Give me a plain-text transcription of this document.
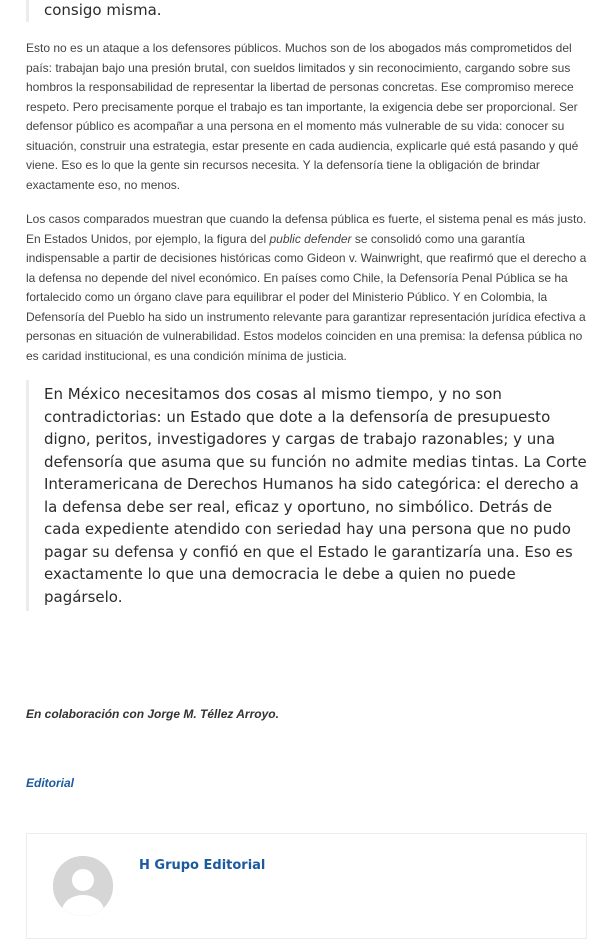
consigo misma.

Esto no es un ataque a los defensores públicos. Muchos son de los abogados más comprometidos del país: trabajan bajo una presión brutal, con sueldos limitados y sin reconocimiento, cargando sobre sus hombros la responsabilidad de representar la libertad de personas concretas. Ese compromiso merece respeto. Pero precisamente porque el trabajo es tan importante, la exigencia debe ser proporcional. Ser defensor público es acompañar a una persona en el momento más vulnerable de su vida: conocer su situación, construir una estrategia, estar presente en cada audiencia, explicarle qué está pasando y qué viene. Eso es lo que la gente sin recursos necesita. Y la defensoría tiene la obligación de brindar exactamente eso, no menos.

Los casos comparados muestran que cuando la defensa pública es fuerte, el sistema penal es más justo. En Estados Unidos, por ejemplo, la figura del public defender se consolidó como una garantía indispensable a partir de decisiones históricas como Gideon v. Wainwright, que reafirmó que el derecho a la defensa no depende del nivel económico. En países como Chile, la Defensoría Penal Pública se ha fortalecido como un órgano clave para equilibrar el poder del Ministerio Público. Y en Colombia, la Defensoría del Pueblo ha sido un instrumento relevante para garantizar representación jurídica efectiva a personas en situación de vulnerabilidad. Estos modelos coinciden en una premisa: la defensa pública no es caridad institucional, es una condición mínima de justicia.

En México necesitamos dos cosas al mismo tiempo, y no son contradictorias: un Estado que dote a la defensoría de presupuesto digno, peritos, investigadores y cargas de trabajo razonables; y una defensoría que asuma que su función no admite medias tintas. La Corte Interamericana de Derechos Humanos ha sido categórica: el derecho a la defensa debe ser real, eficaz y oportuno, no simbólico. Detrás de cada expediente atendido con seriedad hay una persona que no pudo pagar su defensa y confió en que el Estado le garantizaría una. Eso es exactamente lo que una democracia le debe a quien no puede pagárselo.

En colaboración con Jorge M. Téllez Arroyo.

Editorial
H Grupo Editorial
